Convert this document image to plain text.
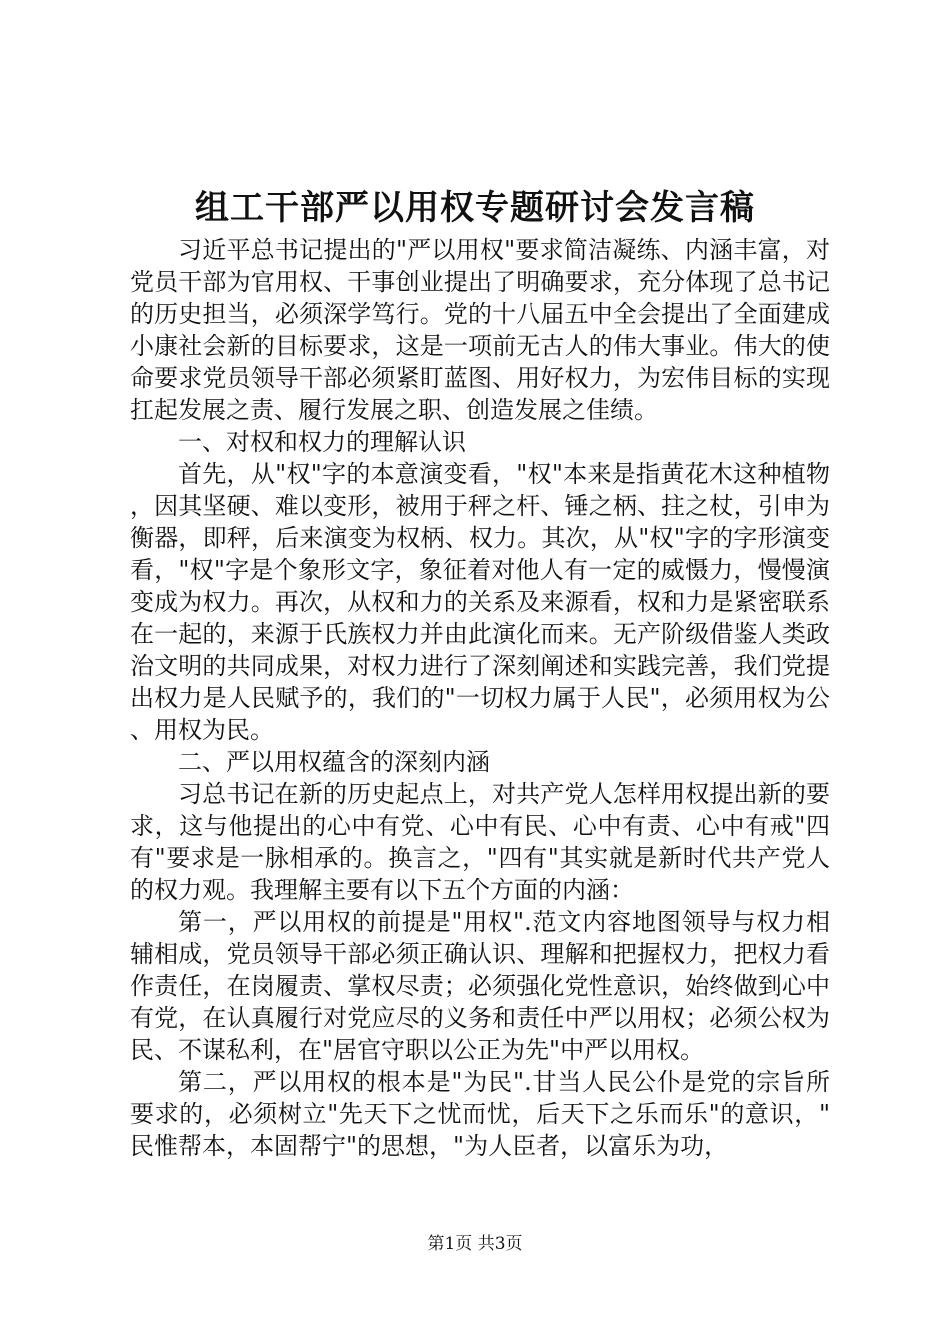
组工干部严以用权专题研讨会发言稿

习近平总书记提出的"严以用权"要求简洁凝练、内涵丰富，对党员干部为官用权、干事创业提出了明确要求，充分体现了总书记的历史担当，必须深学笃行。党的十八届五中全会提出了全面建成小康社会新的目标要求，这是一项前无古人的伟大事业。伟大的使命要求党员领导干部必须紧盯蓝图、用好权力，为宏伟目标的实现扛起发展之责、履行发展之职、创造发展之佳绩。

一、对权和权力的理解认识

首先，从"权"字的本意演变看，"权"本来是指黄花木这种植物，因其坚硬、难以变形，被用于秤之杆、锤之柄、拄之杖，引申为衡器，即秤，后来演变为权柄、权力。其次，从"权"字的字形演变看，"权"字是个象形文字，象征着对他人有一定的威慑力，慢慢演变成为权力。再次，从权和力的关系及来源看，权和力是紧密联系在一起的，来源于氏族权力并由此演化而来。无产阶级借鉴人类政治文明的共同成果，对权力进行了深刻阐述和实践完善，我们党提出权力是人民赋予的，我们的"一切权力属于人民"，必须用权为公、用权为民。

二、严以用权蕴含的深刻内涵

习总书记在新的历史起点上，对共产党人怎样用权提出新的要求，这与他提出的心中有党、心中有民、心中有责、心中有戒"四有"要求是一脉相承的。换言之，"四有"其实就是新时代共产党人的权力观。我理解主要有以下五个方面的内涵：

第一，严以用权的前提是"用权".范文内容地图领导与权力相辅相成，党员领导干部必须正确认识、理解和把握权力，把权力看作责任，在岗履责、掌权尽责；必须强化党性意识，始终做到心中有党，在认真履行对党应尽的义务和责任中严以用权；必须公权为民、不谋私利，在"居官守职以公正为先"中严以用权。

第二，严以用权的根本是"为民".甘当人民公仆是党的宗旨所要求的，必须树立"先天下之忧而忧，后天下之乐而乐"的意识，"民惟帮本，本固帮宁"的思想，"为人臣者，以富乐为功，

第1页 共3页
